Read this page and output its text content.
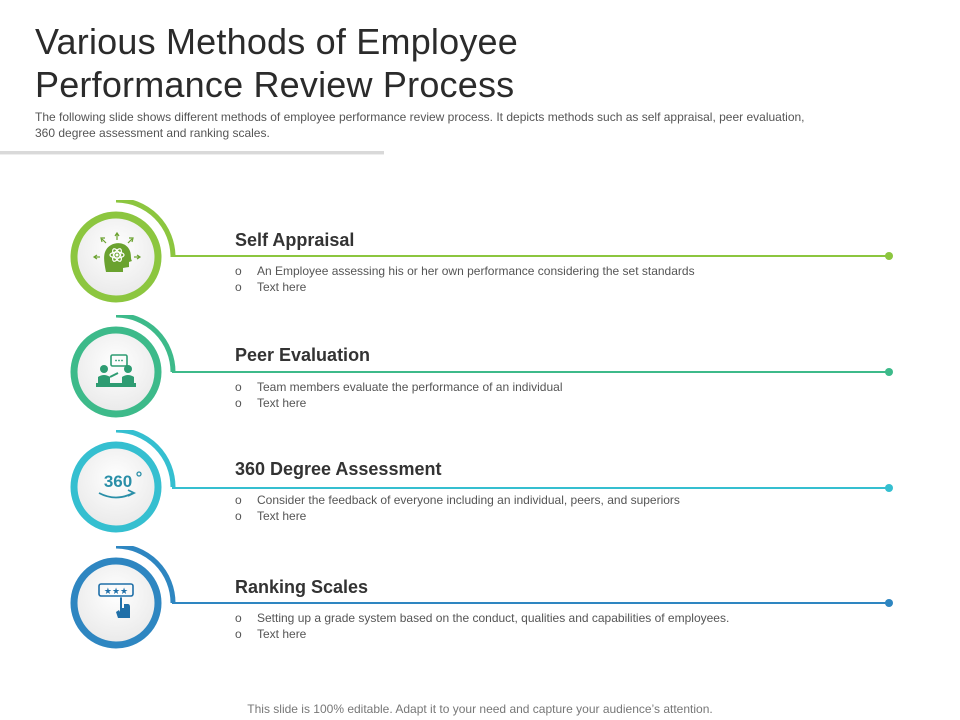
Various Methods of Employee
Performance Review Process

The following slide shows different methods of employee performance review process. It depicts methods such as self appraisal, peer evaluation, 360 degree assessment and ranking scales.

Self Appraisal
o An Employee assessing his or her own performance considering the set standards
o Text here
Peer Evaluation
o Team members evaluate the performance of an individual
o Text here
360
360 Degree Assessment
o Consider the feedback of everyone including an individual, peers, and superiors
o Text here
★★★	Ranking Scales
o Setting up a grade system based on the conduct, qualities and capabilities of employees.
o Text here
This slide is 100% editable. Adapt it to your need and capture your audience’s attention.
